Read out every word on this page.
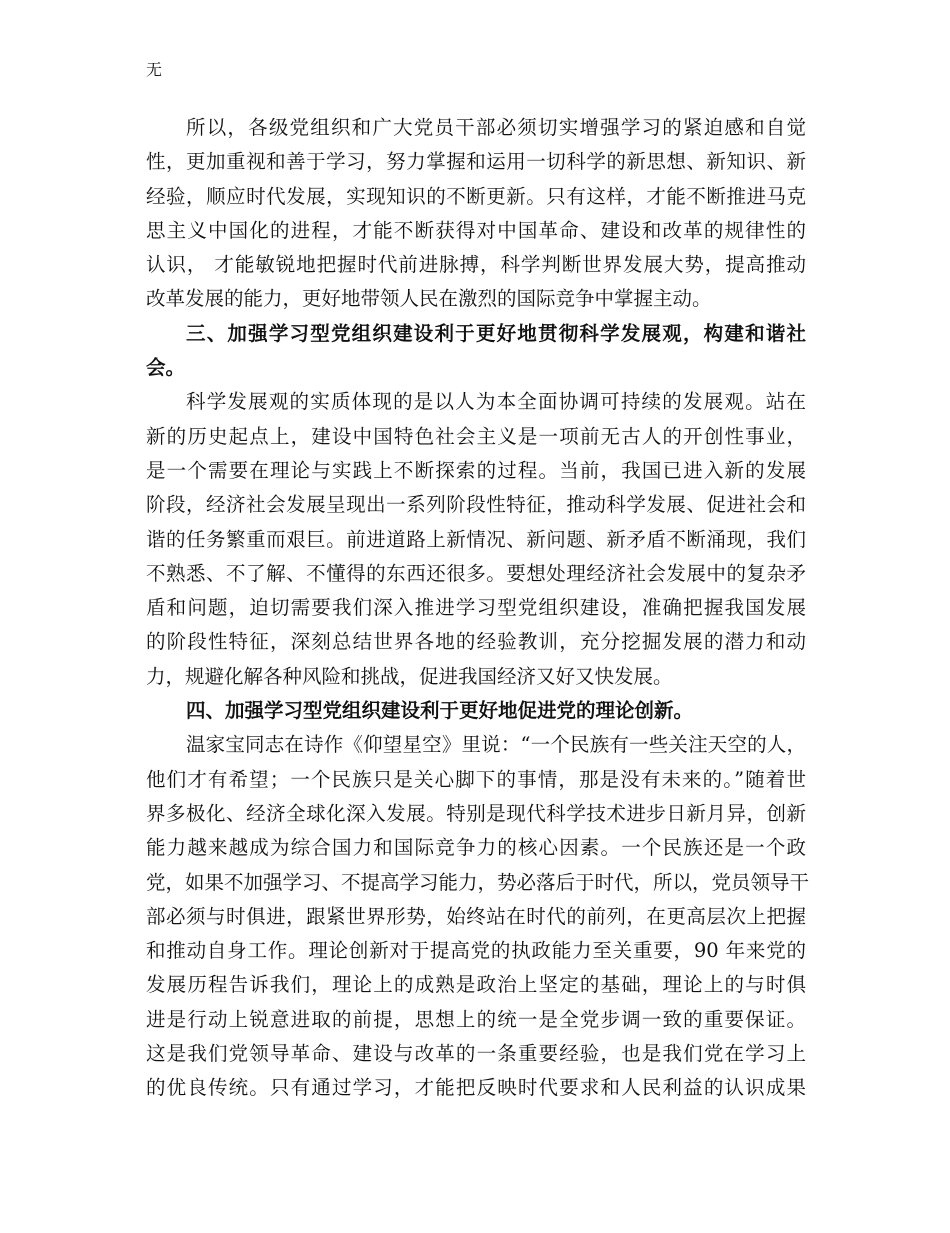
无
所以，各级党组织和广大党员干部必须切实增强学习的紧迫感和自觉
性，更加重视和善于学习，努力掌握和运用一切科学的新思想、新知识、新
经验，顺应时代发展，实现知识的不断更新。只有这样，才能不断推进马克
思主义中国化的进程，才能不断获得对中国革命、建设和改革的规律性的
认识， 才能敏锐地把握时代前进脉搏，科学判断世界发展大势，提高推动
改革发展的能力，更好地带领人民在激烈的国际竞争中掌握主动。
三、加强学习型党组织建设利于更好地贯彻科学发展观，构建和谐社
会。
科学发展观的实质体现的是以人为本全面协调可持续的发展观。站在
新的历史起点上，建设中国特色社会主义是一项前无古人的开创性事业，
是一个需要在理论与实践上不断探索的过程。当前，我国已进入新的发展
阶段，经济社会发展呈现出一系列阶段性特征，推动科学发展、促进社会和
谐的任务繁重而艰巨。前进道路上新情况、新问题、新矛盾不断涌现，我们
不熟悉、不了解、不懂得的东西还很多。要想处理经济社会发展中的复杂矛
盾和问题，迫切需要我们深入推进学习型党组织建设，准确把握我国发展
的阶段性特征，深刻总结世界各地的经验教训，充分挖掘发展的潜力和动
力，规避化解各种风险和挑战，促进我国经济又好又快发展。
四、加强学习型党组织建设利于更好地促进党的理论创新。
温家宝同志在诗作《仰望星空》里说：“一个民族有一些关注天空的人，
他们才有希望；一个民族只是关心脚下的事情，那是没有未来的。”随着世
界多极化、经济全球化深入发展。特别是现代科学技术进步日新月异，创新
能力越来越成为综合国力和国际竞争力的核心因素。一个民族还是一个政
党，如果不加强学习、不提高学习能力，势必落后于时代，所以，党员领导干
部必须与时俱进，跟紧世界形势，始终站在时代的前列，在更高层次上把握
和推动自身工作。理论创新对于提高党的执政能力至关重要，90 年来党的
发展历程告诉我们，理论上的成熟是政治上坚定的基础，理论上的与时俱
进是行动上锐意进取的前提，思想上的统一是全党步调一致的重要保证。
这是我们党领导革命、建设与改革的一条重要经验，也是我们党在学习上
的优良传统。只有通过学习，才能把反映时代要求和人民利益的认识成果
